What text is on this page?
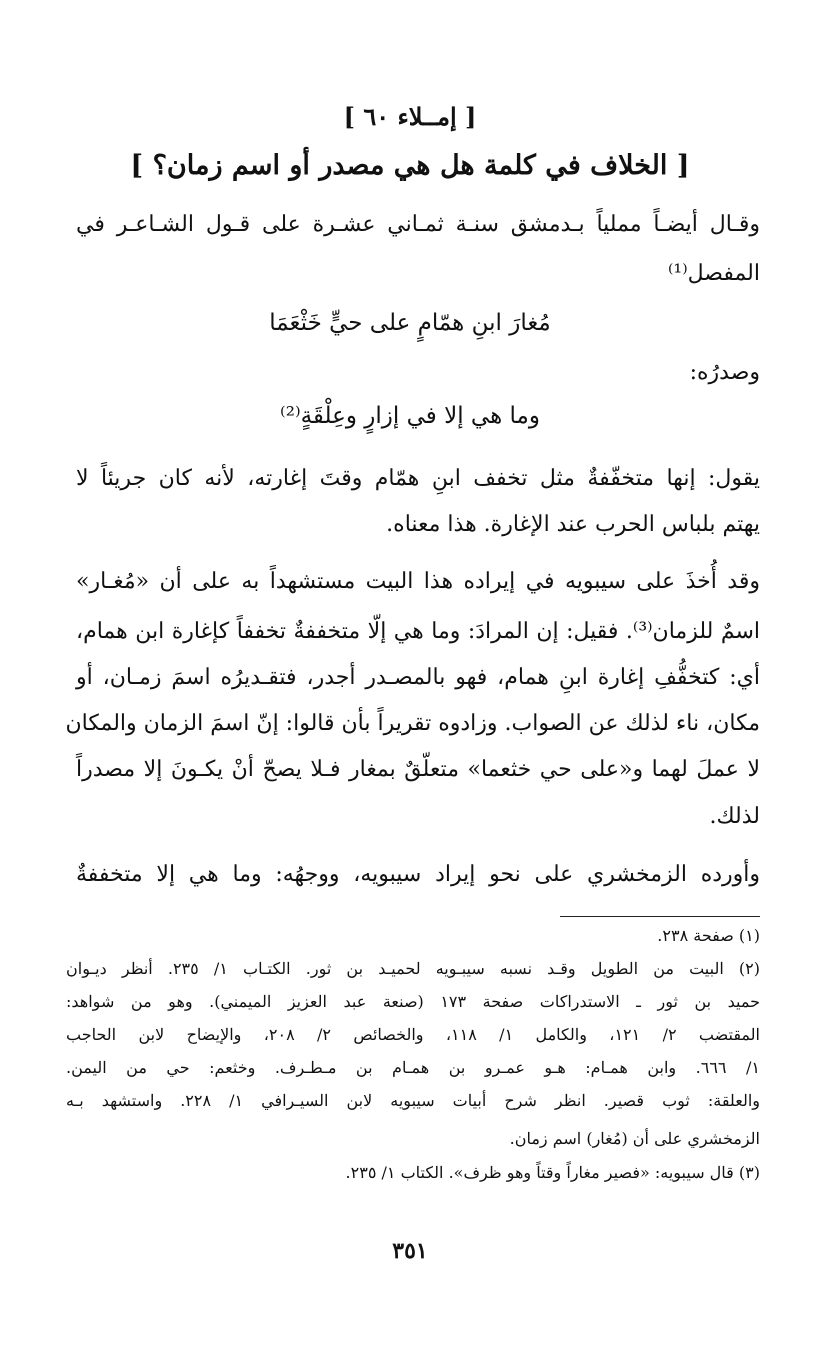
[ إمــلاء ٦٠ ]
[ الخلاف في كلمة هل هي مصدر أو اسم زمان؟ ]
وقـال أيضـاً مملياً بـدمشق سنـة ثمـاني عشـرة على قـول الشـاعـر في
المفصل⁽¹⁾
مُغارَ ابنِ همّامٍ على حيٍّ خَثْعَمَا
وصدرُه:
وما هي إلا في إزارٍ وعِلْقَةٍ⁽²⁾
يقول: إنها متخفّفةٌ مثل تخفف ابنِ همّام وقتَ إغارته، لأنه كان جريئاً لا
يهتم بلباس الحرب عند الإغارة. هذا معناه.
وقد أُخذَ على سيبويه في إيراده هذا البيت مستشهداً به على أن «مُغـار»
اسمٌ للزمان⁽³⁾. فقيل: إن المرادَ: وما هي إلّا متخففةٌ تخففاً كإغارة ابن همام،
أي: كتخفُّفِ إغارة ابنِ همام، فهو بالمصـدر أجدر، فتقـديرُه اسمَ زمـان، أو
مكان، ناء لذلك عن الصواب. وزادوه تقريراً بأن قالوا: إنّ اسمَ الزمان والمكان
لا عملَ لهما و«على حي خثعما» متعلّقٌ بمغار فـلا يصحّ أنْ يكـونَ إلا مصدراً
لذلك.
وأورده الزمخشري على نحو إيراد سيبويه، ووجهُه: وما هي إلا متخففةٌ
(١) صفحة ٢٣٨.
(٢) البيت من الطويل وقـد نسبه سيبـويه لحميـد بن ثور. الكتـاب ١/ ٢٣٥. أنظر ديـوان
حميد بن ثور ـ الاستدراكات صفحة ١٧٣ (صنعة عبد العزيز الميمني). وهو من شواهد:
المقتضب ٢/ ١٢١، والكامل ١/ ١١٨، والخصائص ٢/ ٢٠٨، والإيضاح لابن الحاجب
١/ ٦٦٦. وابن همـام: هـو عمـرو بن همـام بن مـطـرف. وخثعم: حي من اليمن.
والعلقة: ثوب قصير. انظر شرح أبيات سيبويه لابن السيـرافي ١/ ٢٢٨. واستشهد بـه
الزمخشري على أن (مُغار) اسم زمان.
(٣) قال سيبويه: «فصير مغاراً وقتاً وهو ظرف». الكتاب ١/ ٢٣٥.
٣٥١
